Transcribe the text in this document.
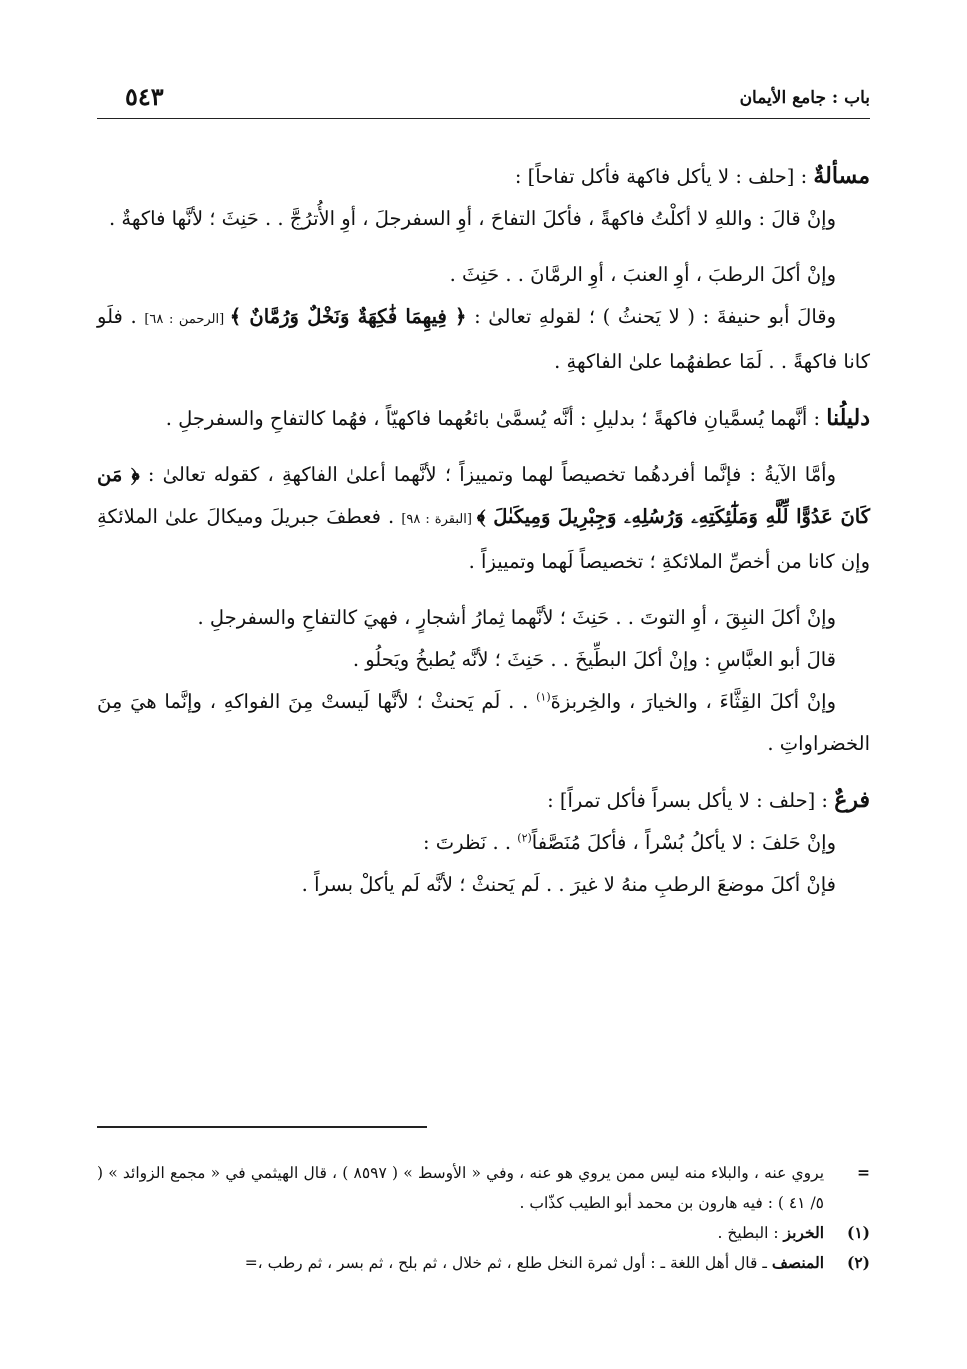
باب : جامع الأيمان
٥٤٣

مسألةٌ : [حلف : لا يأكل فاكهة فأكل تفاحاً] :

وإنْ قالَ : واللهِ لا أكلْتُ فاكهةً ، فأكلَ التفاحَ ، أوِ السفرجلَ ، أوِ الأُترُجَّ . . حَنِثَ ؛ لأنَّها فاكهةٌ .

وإنْ أكلَ الرطبَ ، أوِ العنبَ ، أوِ الرمَّانَ . . حَنِثَ .

وقالَ أبو حنيفةَ : ( لا يَحنثُ ) ؛ لقولهِ تعالىٰ : ﴿ فِيهِمَا فَٰكِهَةٌ وَنَخْلٌ وَرُمَّانٌ ﴾ [الرحمن : ٦٨] . فلَو كانا فاكهةً . . لَمَا عطفهُما علىٰ الفاكهةِ .

دليلُنا : أنَّهما يُسمَّيانِ فاكهةً ؛ بدليلِ : أنَّه يُسمَّىٰ بائعُهما فاكهيّاً ، فهُما كالتفاحِ والسفرجلِ .

وأمَّا الآيةُ : فإنَّما أفردهُما تخصيصاً لهما وتمييزاً ؛ لأنَّهما أعلىٰ الفاكهةِ ، كقوله تعالىٰ : ﴿ مَن كَانَ عَدُوًّا لِّلَّهِ وَمَلَٰٓئِكَتِهِۦ وَرُسُلِهِۦ وَجِبْرِيلَ وَمِيكَىٰلَ ﴾ [البقرة : ٩٨] . فعطفَ جبريلَ وميكالَ علىٰ الملائكةِ وإن كانا من أخصِّ الملائكةِ ؛ تخصيصاً لَهما وتمييزاً .

وإنْ أكلَ النبِقَ ، أوِ التوتَ . . حَنِثَ ؛ لأنَّهما ثِمارُ أشجارٍ ، فهيَ كالتفاحِ والسفرجلِ .

قالَ أبو العبَّاسِ : وإنْ أكلَ البطِّيخَ . . حَنِثَ ؛ لأنَّه يُطبخُ ويَحلُو .

وإنْ أكلَ القِثَّاءَ ، والخيارَ ، والخِربزةَ$^{(١)}$ . . لَم يَحنثْ ؛ لأنَّها لَيستْ مِنَ الفواكهِ ، وإنَّما هيَ مِنَ الخضراواتِ .

فرعٌ : [حلف : لا يأكل بسراً فأكل تمراً] :

وإنْ حَلفَ : لا يأكلُ بُسْراً ، فأكلَ مُنَصَّفاً$^{(٢)}$ . . نَظرتَ :

فإنْ أكلَ موضعَ الرطبِ منهُ لا غيرَ . . لَم يَحنثْ ؛ لأنَّه لَم يأكلْ بسراً .

=
يروي عنه ، والبلاء منه ليس ممن يروي هو عنه ، وفي « الأوسط » ( ٨٥٩٧ ) ، قال الهيثمي في « مجمع الزوائد » ( ٥/ ٤١ ) : فيه هارون بن محمد أبو الطيب كذّاب .
(١)
الخربز : البطيخ .
(٢)
المنصف ـ قال أهل اللغة ـ : أول ثمرة النخل طلع ، ثم خلال ، ثم بلح ، ثم بسر ، ثم رطب ،=
